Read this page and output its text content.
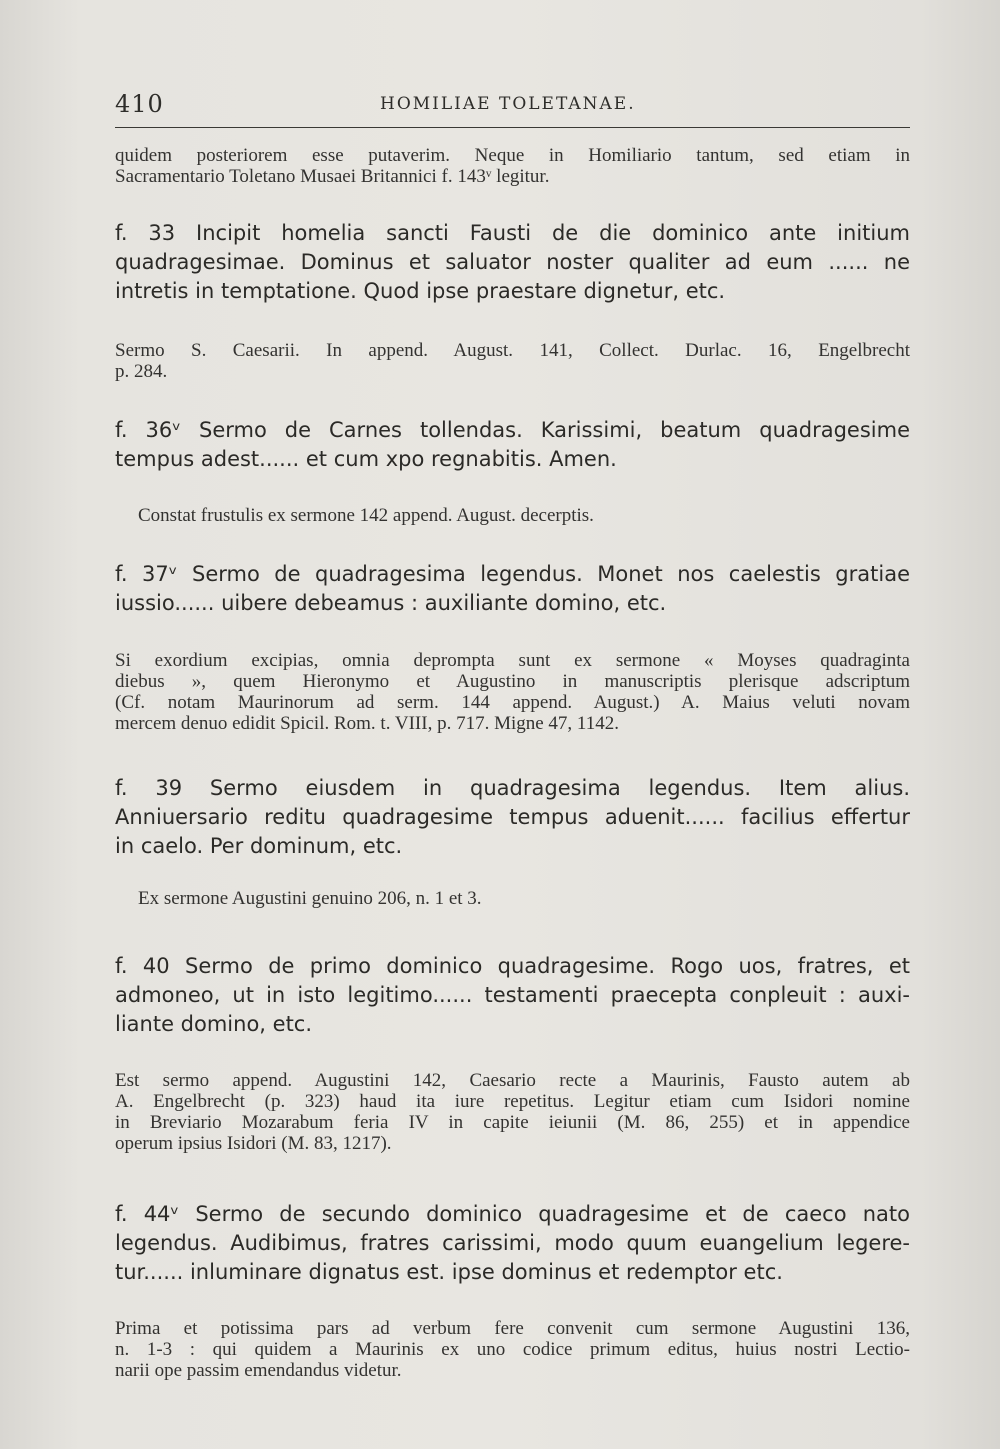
410	HOMILIAE TOLETANAE.
quidem posteriorem esse putaverim. Neque in Homiliario tantum, sed etiam in
Sacramentario Toletano Musaei Britannici f. 143ᵛ legitur.
f. 33 Incipit homelia sancti Fausti de die dominico ante initium
quadragesimae. Dominus et saluator noster qualiter ad eum ...... ne
intretis in temptatione. Quod ipse praestare dignetur, etc.
Sermo S. Caesarii. In append. August. 141, Collect. Durlac. 16, Engelbrecht
p. 284.
f. 36ᵛ Sermo de Carnes tollendas. Karissimi, beatum quadragesime
tempus adest...... et cum xpo regnabitis. Amen.
Constat frustulis ex sermone 142 append. August. decerptis.
f. 37ᵛ Sermo de quadragesima legendus. Monet nos caelestis gratiae
iussio...... uibere debeamus : auxiliante domino, etc.
Si exordium excipias, omnia deprompta sunt ex sermone « Moyses quadraginta
diebus », quem Hieronymo et Augustino in manuscriptis plerisque adscriptum
(Cf. notam Maurinorum ad serm. 144 append. August.) A. Maius veluti novam
mercem denuo edidit Spicil. Rom. t. VIII, p. 717. Migne 47, 1142.
f. 39 Sermo eiusdem in quadragesima legendus. Item alius.
Anniuersario reditu quadragesime tempus aduenit...... facilius effertur
in caelo. Per dominum, etc.
Ex sermone Augustini genuino 206, n. 1 et 3.
f. 40 Sermo de primo dominico quadragesime. Rogo uos, fratres, et
admoneo, ut in isto legitimo...... testamenti praecepta conpleuit : auxi-
liante domino, etc.
Est sermo append. Augustini 142, Caesario recte a Maurinis, Fausto autem ab
A. Engelbrecht (p. 323) haud ita iure repetitus. Legitur etiam cum Isidori nomine
in Breviario Mozarabum feria IV in capite ieiunii (M. 86, 255) et in appendice
operum ipsius Isidori (M. 83, 1217).
f. 44ᵛ Sermo de secundo dominico quadragesime et de caeco nato
legendus. Audibimus, fratres carissimi, modo quum euangelium legere-
tur...... inluminare dignatus est. ipse dominus et redemptor etc.
Prima et potissima pars ad verbum fere convenit cum sermone Augustini 136,
n. 1-3 : qui quidem a Maurinis ex uno codice primum editus, huius nostri Lectio-
narii ope passim emendandus videtur.
